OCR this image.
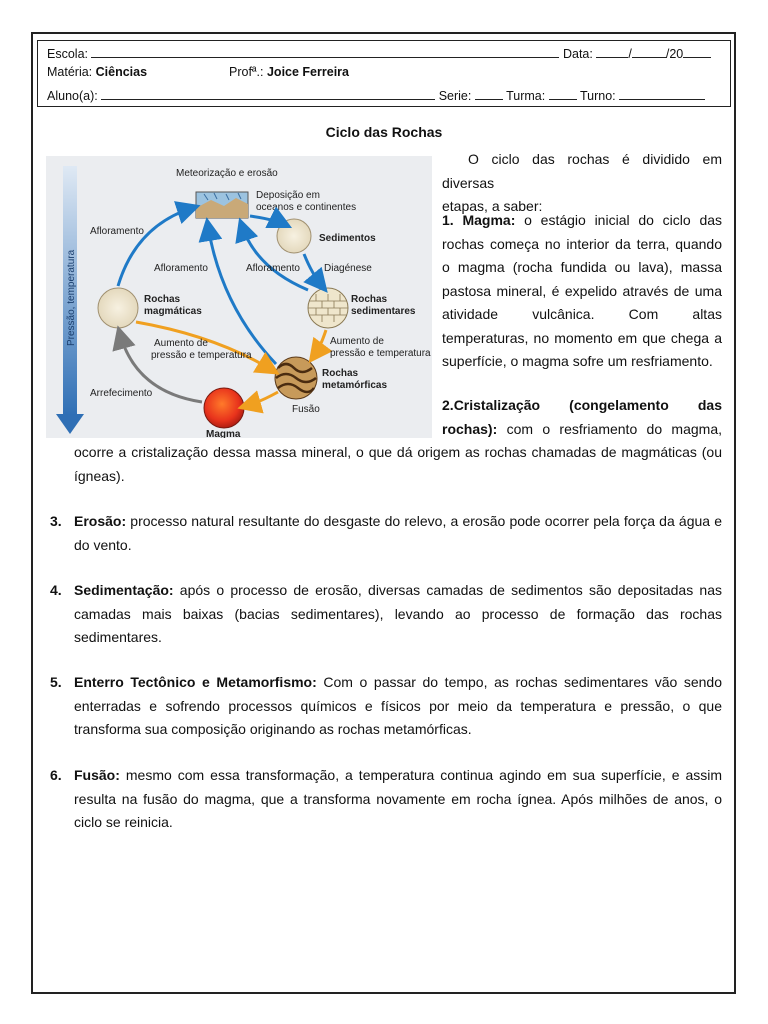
Escola:	Data:	/	/20
Matéria: Ciências	Profª.: Joice Ferreira
Aluno(a):	Serie:	Turma:	Turno:
Ciclo das Rochas
Pressão, temperatura
Meteorização e erosão
Deposição em
oceanos e continentes
Sedimentos
Rochas
sedimentares
Rochas
magmáticas
Rochas
metamórficas
Magma
Afloramento
Afloramento	Afloramento Diagénese
Aumento de
pressão e temperatura
Aumento de
pressão e temperatura
Arrefecimento
Fusão
O ciclo das rochas é dividido em diversas
etapas, a saber:
1. Magma: o estágio inicial do ciclo das
rochas começa no interior da terra, quando
o magma (rocha fundida ou lava), massa
pastosa mineral, é expelido através de uma
atividade vulcânica. Com altas
temperaturas, no momento em que chega a
superfície, o magma sofre um resfriamento.
2.Cristalização (congelamento das
rochas): com o resfriamento do magma,
ocorre a cristalização dessa massa mineral, o que dá origem as rochas chamadas de magmáticas (ou
ígneas).
3. Erosão: processo natural resultante do desgaste do relevo, a erosão pode ocorrer pela força da água e do vento.
4. Sedimentação: após o processo de erosão, diversas camadas de sedimentos são depositadas nas camadas mais baixas (bacias sedimentares), levando ao processo de formação das rochas sedimentares.
5. Enterro Tectônico e Metamorfismo: Com o passar do tempo, as rochas sedimentares vão sendo enterradas e sofrendo processos químicos e físicos por meio da temperatura e pressão, o que transforma sua composição originando as rochas metamórficas.
6. Fusão: mesmo com essa transformação, a temperatura continua agindo em sua superfície, e assim resulta na fusão do magma, que a transforma novamente em rocha ígnea. Após milhões de anos, o ciclo se reinicia.
